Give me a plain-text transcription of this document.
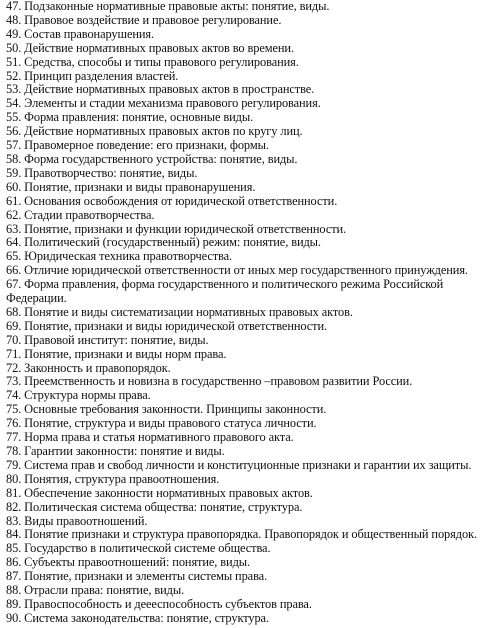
47. Подзаконные нормативные правовые акты: понятие, виды.

48. Правовое воздействие и правовое регулирование.

49. Состав правонарушения.

50. Действие нормативных правовых актов во времени.

51. Средства, способы и типы правового регулирования.

52. Принцип разделения властей.

53. Действие нормативных правовых актов в пространстве.

54. Элементы и стадии механизма правового регулирования.

55. Форма правления: понятие, основные виды.

56. Действие нормативных правовых актов по кругу лиц.

57. Правомерное поведение: его признаки, формы.

58. Форма государственного устройства: понятие, виды.

59. Правотворчество: понятие, виды.

60. Понятие, признаки и виды правонарушения.

61. Основания освобождения от юридической ответственности.

62. Стадии правотворчества.

63. Понятие, признаки и функции юридической ответственности.

64. Политический (государственный) режим: понятие, виды.

65. Юридическая техника правотворчества.

66. Отличие юридической ответственности от иных мер государственного принуждения.

67. Форма правления, форма государственного и политического режима Российской Федерации.

68. Понятие и виды систематизации нормативных правовых актов.

69. Понятие, признаки и виды юридической ответственности.

70. Правовой институт: понятие, виды.

71. Понятие, признаки и виды норм права.

72. Законность и правопорядок.

73. Преемственность и новизна в государственно –правовом развитии России.

74. Структура нормы права.

75. Основные требования законности. Принципы законности.

76. Понятие, структура и виды правового статуса личности.

77. Норма права и статья нормативного правового акта.

78. Гарантии законности: понятие и виды.

79. Система прав и свобод личности и конституционные признаки и гарантии их защиты.

80. Понятия, структура правоотношения.

81. Обеспечение законности нормативных правовых актов.

82. Политическая система общества: понятие, структура.

83. Виды правоотношений.

84. Понятие признаки и структура правопорядка. Правопорядок и общественный порядок.

85. Государство в политической системе общества.

86. Субъекты правоотношений: понятие, виды.

87. Понятие, признаки и элементы системы права.

88. Отрасли права: понятие, виды.

89. Правоспособность и деееспособность субъектов права.

90. Система законодательства: понятие, структура.
